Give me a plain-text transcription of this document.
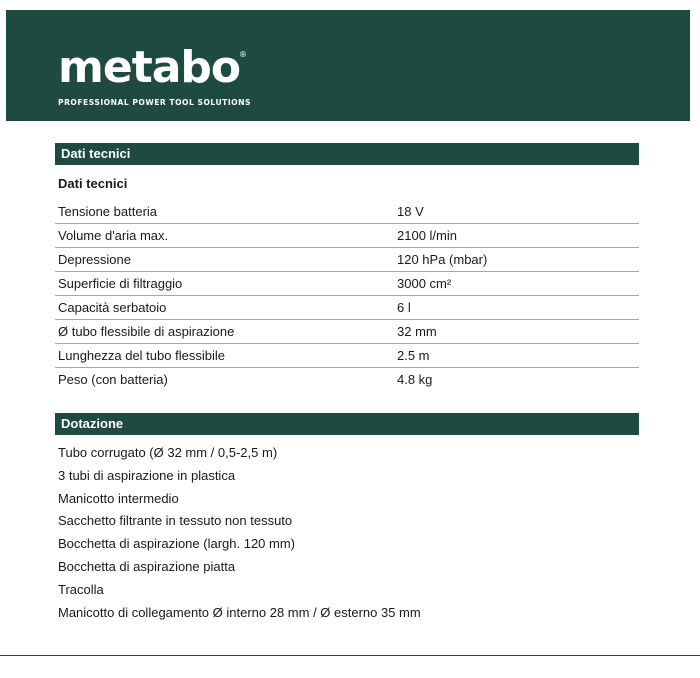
metabo
®
PROFESSIONAL POWER TOOL SOLUTIONS
Dati tecnici
Dati tecnici
Tensione batteria	18 V
Volume d'aria max.	2100 l/min
Depressione	120 hPa (mbar)
Superficie di filtraggio	3000 cm²
Capacità serbatoio	6 l
Ø tubo flessibile di aspirazione	32 mm
Lunghezza del tubo flessibile	2.5 m
Peso (con batteria)	4.8 kg
Dotazione
Tubo corrugato (Ø 32 mm / 0,5-2,5 m)
3 tubi di aspirazione in plastica
Manicotto intermedio
Sacchetto filtrante in tessuto non tessuto
Bocchetta di aspirazione (largh. 120 mm)
Bocchetta di aspirazione piatta
Tracolla
Manicotto di collegamento Ø interno 28 mm / Ø esterno 35 mm
